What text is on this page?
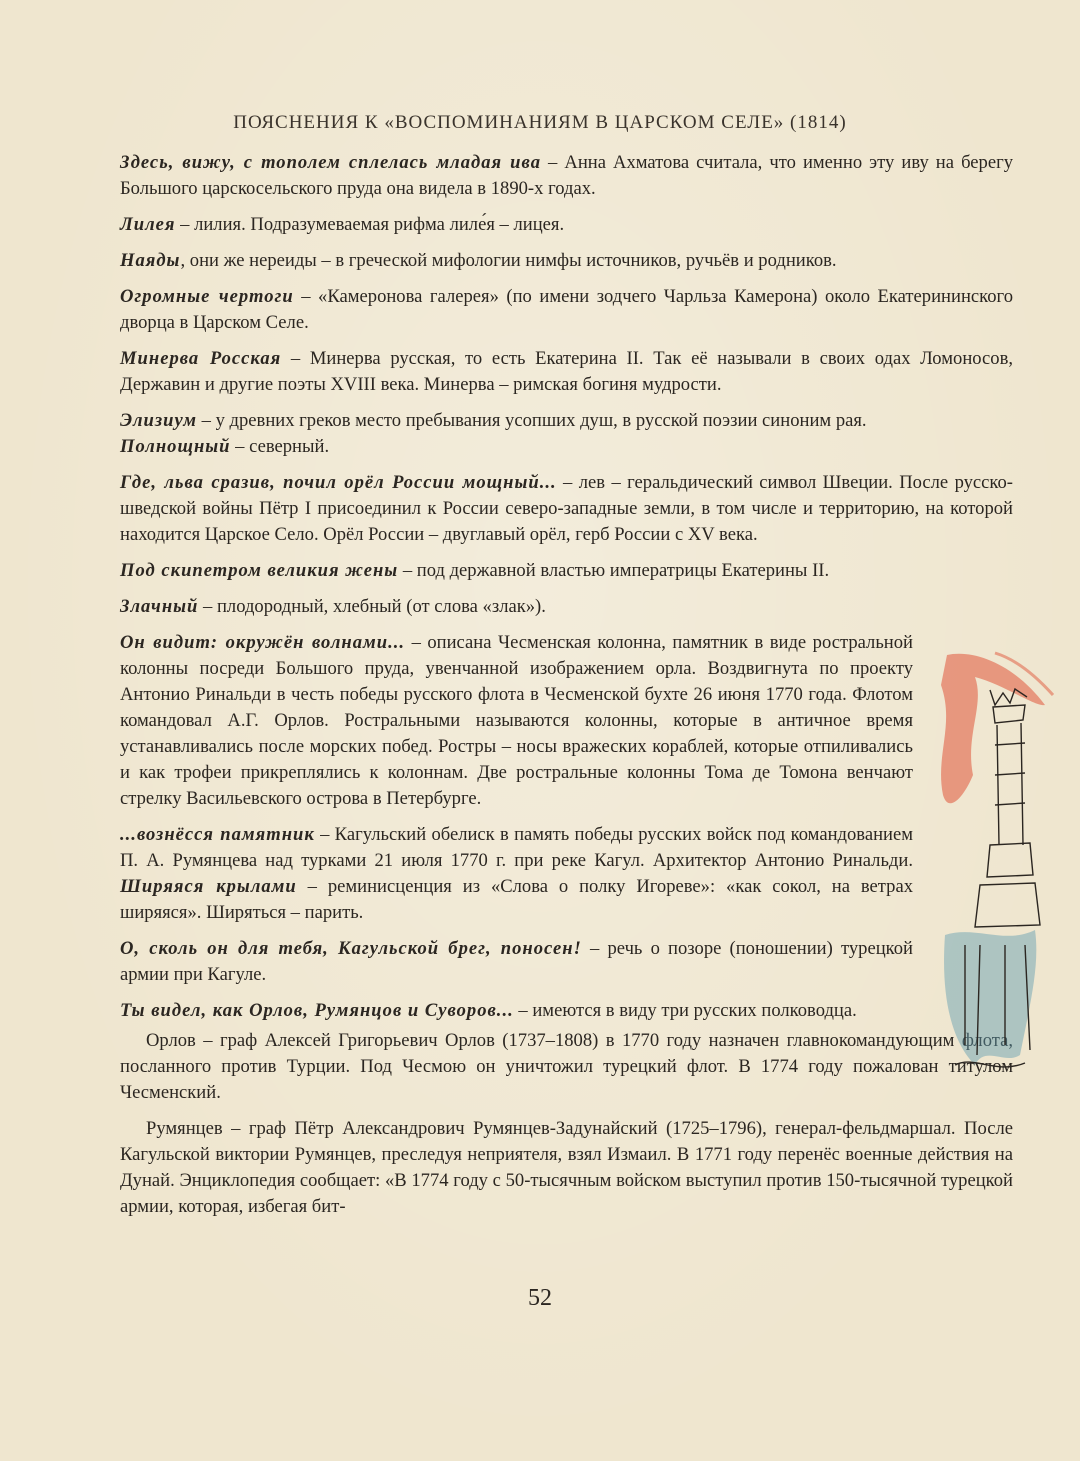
ПОЯСНЕНИЯ К «ВОСПОМИНАНИЯМ В ЦАРСКОМ СЕЛЕ» (1814)

Здесь, вижу, с тополем сплелась младая ива – Анна Ахматова считала, что именно эту иву на берегу Большого царскосельского пруда она видела в 1890-х годах.

Лилея – лилия. Подразумеваемая рифма лиле́я – лицея.

Наяды, они же нереиды – в греческой мифологии нимфы источников, ручьёв и родников.

Огромные чертоги – «Камеронова галерея» (по имени зодчего Чарльза Камерона) около Екатерининского дворца в Царском Селе.

Минерва Росская – Минерва русская, то есть Екатерина II. Так её называли в своих одах Ломоносов, Державин и другие поэты XVIII века. Минерва – римская богиня мудрости.

Элизиум – у древних греков место пребывания усопших душ, в русской поэзии синоним рая.
Полнощный – северный.

Где, льва сразив, почил орёл России мощный... – лев – геральдический символ Швеции. После русско-шведской войны Пётр I присоединил к России северо-западные земли, в том числе и территорию, на которой находится Царское Село. Орёл России – двуглавый орёл, герб России с XV века.

Под скипетром великия жены – под державной властью императрицы Екатерины II.

Злачный – плодородный, хлебный (от слова «злак»).

Он видит: окружён волнами... – описана Чесменская колонна, памятник в виде ростральной колонны посреди Большого пруда, увенчанной изображением орла. Воздвигнута по проекту Антонио Ринальди в честь победы русского флота в Чесменской бухте 26 июня 1770 года. Флотом командовал А.Г. Орлов. Ростральными называются колонны, которые в античное время устанавливались после морских побед. Ростры – носы вражеских кораблей, которые отпиливались и как трофеи прикреплялись к колоннам. Две ростральные колонны Тома де Томона венчают стрелку Васильевского острова в Петербурге.

...вознёсся памятник – Кагульский обелиск в память победы русских войск под командованием П. А. Румянцева над турками 21 июля 1770 г. при реке Кагул. Архитектор Антонио Ринальди. Ширяяся крылами – реминисценция из «Слова о полку Игореве»: «как сокол, на ветрах ширяяся». Ширяться – парить.

О, сколь он для тебя, Кагульской брег, поносен! – речь о позоре (поношении) турецкой армии при Кагуле.

Ты видел, как Орлов, Румянцов и Суворов... – имеются в виду три русских полководца.

Орлов – граф Алексей Григорьевич Орлов (1737–1808) в 1770 году назначен главнокомандующим флота, посланного против Турции. Под Чесмою он уничтожил турецкий флот. В 1774 году пожалован титулом Чесменский.

Румянцев – граф Пётр Александрович Румянцев-Задунайский (1725–1796), генерал-фельдмаршал. После Кагульской виктории Румянцев, преследуя неприятеля, взял Измаил. В 1771 году перенёс военные действия на Дунай. Энциклопедия сообщает: «В 1774 году с 50-тысячным войском выступил против 150-тысячной турецкой армии, которая, избегая бит-

52
